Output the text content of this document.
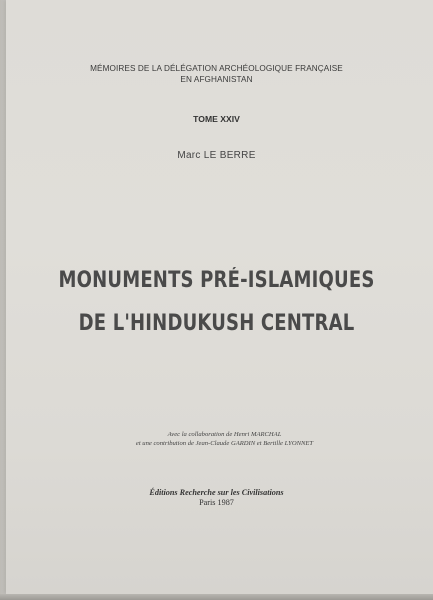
MÉMOIRES DE LA DÉLÉGATION ARCHÉOLOGIQUE FRANÇAISE
EN AFGHANISTAN
TOME XXIV
Marc LE BERRE
MONUMENTS PRÉ-ISLAMIQUES
DE L'HINDUKUSH CENTRAL
Avec la collaboration de Henri MARCHAL
et une contribution de Jean-Claude GARDIN et Bertille LYONNET
Éditions Recherche sur les Civilisations
Paris 1987
